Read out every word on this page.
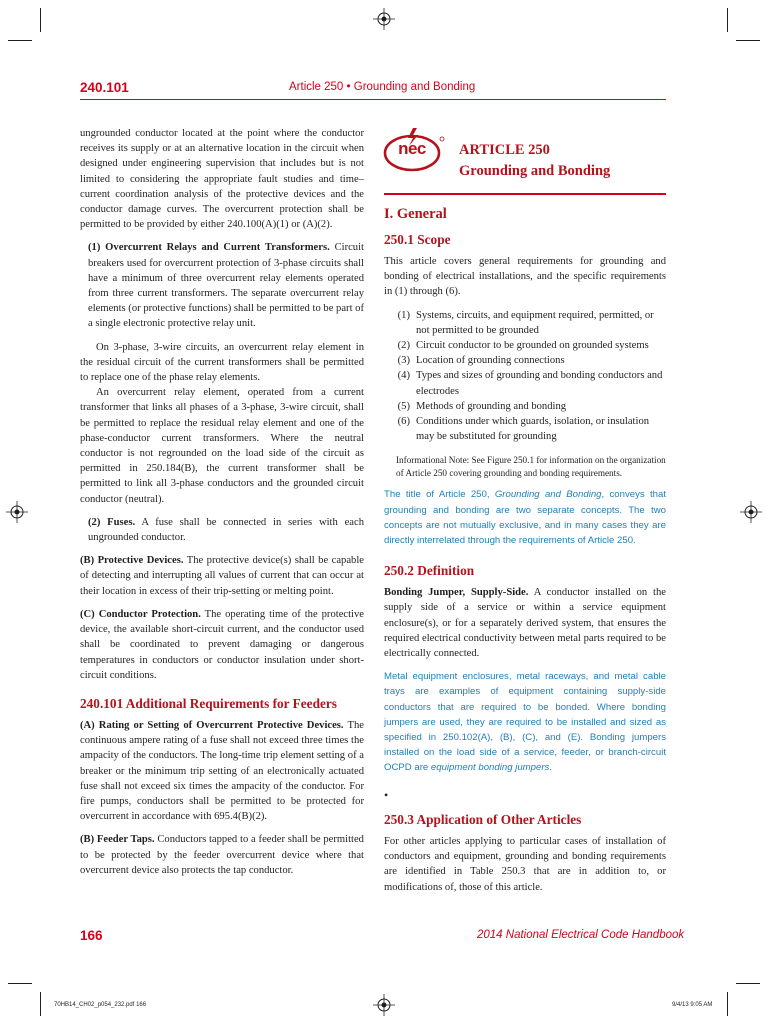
240.101	Article 250 • Grounding and Bonding

ungrounded conductor located at the point where the conductor receives its supply or at an alternative location in the circuit when designed under engineering supervision that includes but is not limited to considering the appropriate fault studies and time–current coordination analysis of the protective devices and the conductor damage curves. The overcurrent protection shall be permitted to be provided by either 240.100(A)(1) or (A)(2).

(1) Overcurrent Relays and Current Transformers. Circuit breakers used for overcurrent protection of 3-phase circuits shall have a minimum of three overcurrent relay elements operated from three current transformers. The separate overcurrent relay elements (or protective functions) shall be permitted to be part of a single electronic protective relay unit.

On 3-phase, 3-wire circuits, an overcurrent relay element in the residual circuit of the current transformers shall be permitted to replace one of the phase relay elements.

An overcurrent relay element, operated from a current transformer that links all phases of a 3-phase, 3-wire circuit, shall be permitted to replace the residual relay element and one of the phase-conductor current transformers. Where the neutral conductor is not regrounded on the load side of the circuit as permitted in 250.184(B), the current transformer shall be permitted to link all 3-phase conductors and the grounded circuit conductor (neutral).

(2) Fuses. A fuse shall be connected in series with each ungrounded conductor.

(B) Protective Devices. The protective device(s) shall be capable of detecting and interrupting all values of current that can occur at their location in excess of their trip-setting or melting point.

(C) Conductor Protection. The operating time of the protective device, the available short-circuit current, and the conductor used shall be coordinated to prevent damaging or dangerous temperatures in conductors or conductor insulation under short-circuit conditions.

240.101 Additional Requirements for Feeders

(A) Rating or Setting of Overcurrent Protective Devices. The continuous ampere rating of a fuse shall not exceed three times the ampacity of the conductors. The long-time trip element setting of a breaker or the minimum trip setting of an electronically actuated fuse shall not exceed six times the ampacity of the conductor. For fire pumps, conductors shall be permitted to be protected for overcurrent in accordance with 695.4(B)(2).

(B) Feeder Taps. Conductors tapped to a feeder shall be permitted to be protected by the feeder overcurrent device where that overcurrent device also protects the tap conductor.

nec	ARTICLE 250
Grounding and Bonding
I. General
250.1 Scope

This article covers general requirements for grounding and bonding of electrical installations, and the specific requirements in (1) through (6).

(1) Systems, circuits, and equipment required, permitted, or not permitted to be grounded
(2) Circuit conductor to be grounded on grounded systems
(3) Location of grounding connections
(4) Types and sizes of grounding and bonding conductors and electrodes
(5) Methods of grounding and bonding
(6) Conditions under which guards, isolation, or insulation may be substituted for grounding

Informational Note: See Figure 250.1 for information on the organization of Article 250 covering grounding and bonding requirements.

The title of Article 250, Grounding and Bonding, conveys that grounding and bonding are two separate concepts. The two concepts are not mutually exclusive, and in many cases they are directly interrelated through the requirements of Article 250.

250.2 Definition

Bonding Jumper, Supply-Side. A conductor installed on the supply side of a service or within a service equipment enclosure(s), or for a separately derived system, that ensures the required electrical conductivity between metal parts required to be electrically connected.

Metal equipment enclosures, metal raceways, and metal cable trays are examples of equipment containing supply-side conductors that are required to be bonded. Where bonding jumpers are used, they are required to be installed and sized as specified in 250.102(A), (B), (C), and (E). Bonding jumpers installed on the load side of a service, feeder, or branch-circuit OCPD are equipment bonding jumpers.

•
250.3 Application of Other Articles

For other articles applying to particular cases of installation of conductors and equipment, grounding and bonding requirements are identified in Table 250.3 that are in addition to, or modifications of, those of this article.

166	2014 National Electrical Code Handbook
70HB14_CH02_p054_232.pdf 166	9/4/13 9:05 AM
